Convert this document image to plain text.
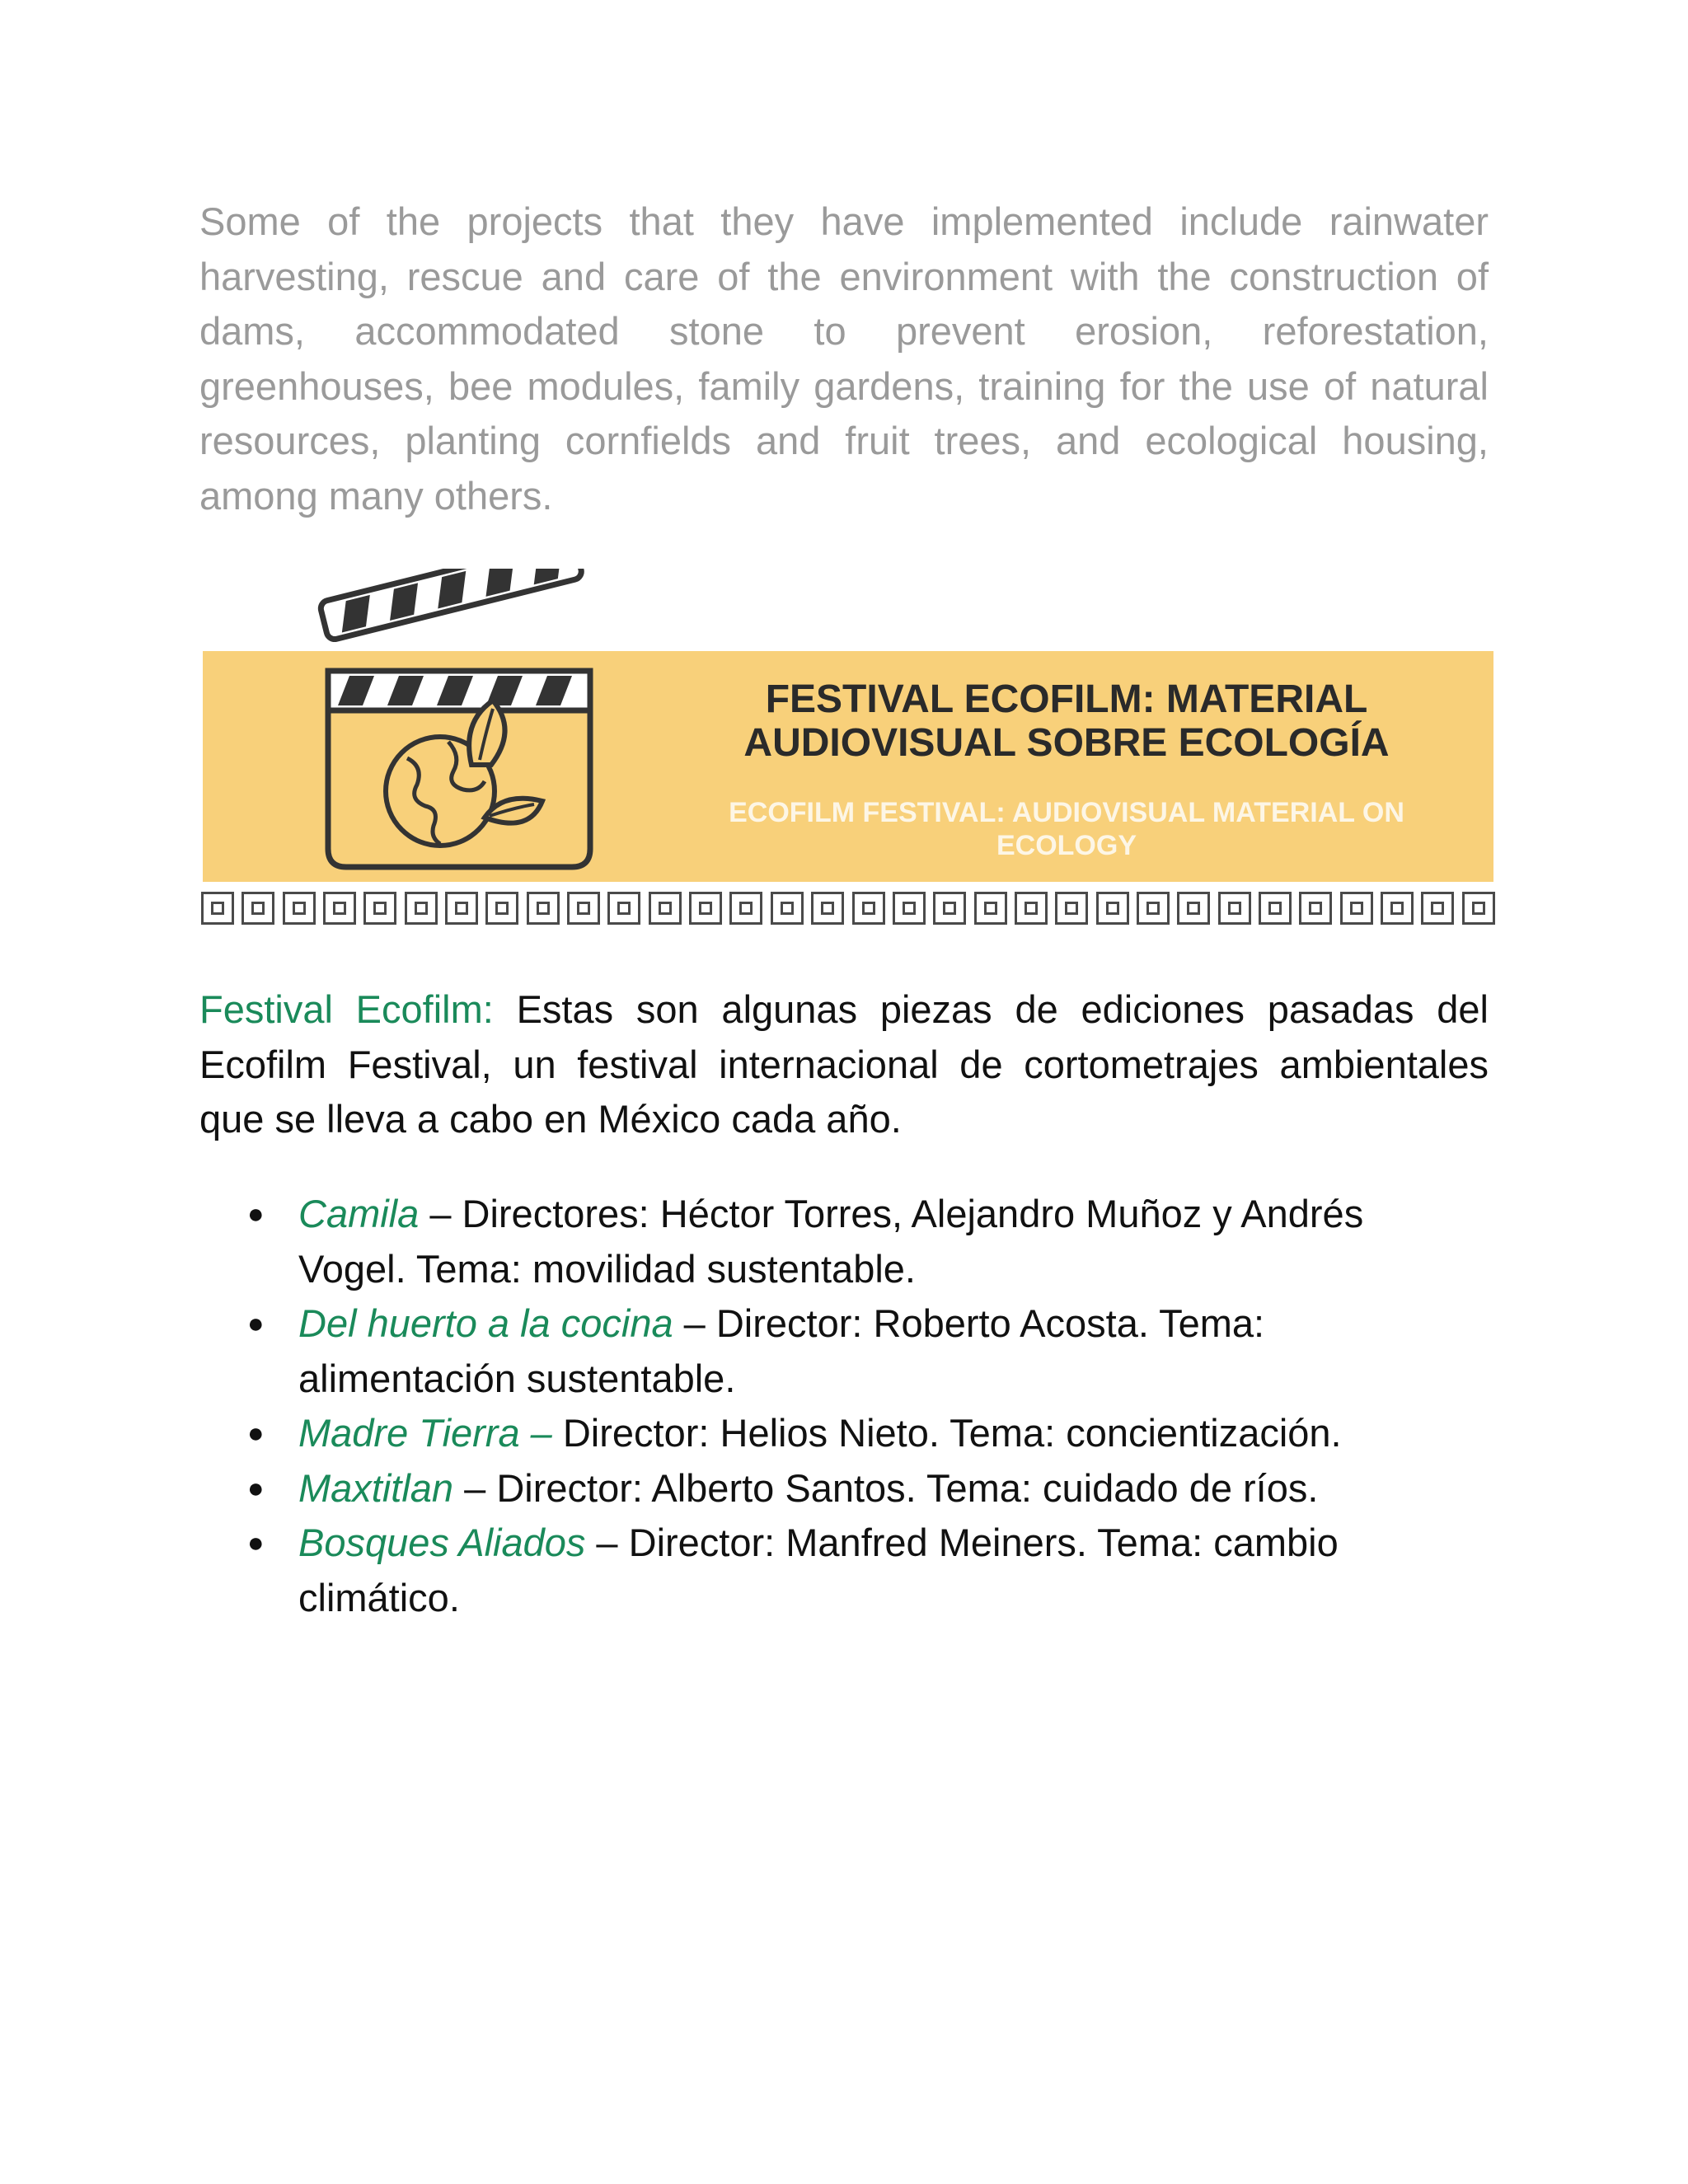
Some of the projects that they have implemented include rainwater harvesting, rescue and care of the environment with the construction of dams, accommodated stone to prevent erosion, reforestation, greenhouses, bee modules, family gardens, training for the use of natural resources, planting cornfields and fruit trees, and ecological housing, among many others.

FESTIVAL ECOFILM: MATERIAL
AUDIOVISUAL SOBRE ECOLOGÍA

ECOFILM FESTIVAL: AUDIOVISUAL MATERIAL ON
ECOLOGY

Festival Ecofilm: Estas son algunas piezas de ediciones pasadas del Ecofilm Festival, un festival internacional de cortometrajes ambientales que se lleva a cabo en México cada año.

● Camila – Directores: Héctor Torres, Alejandro Muñoz y Andrés Vogel. Tema: movilidad sustentable.
● Del huerto a la cocina – Director: Roberto Acosta. Tema: alimentación sustentable.
● Madre Tierra – Director: Helios Nieto. Tema: concientización.
● Maxtitlan – Director: Alberto Santos. Tema: cuidado de ríos.
● Bosques Aliados – Director: Manfred Meiners. Tema: cambio climático.
